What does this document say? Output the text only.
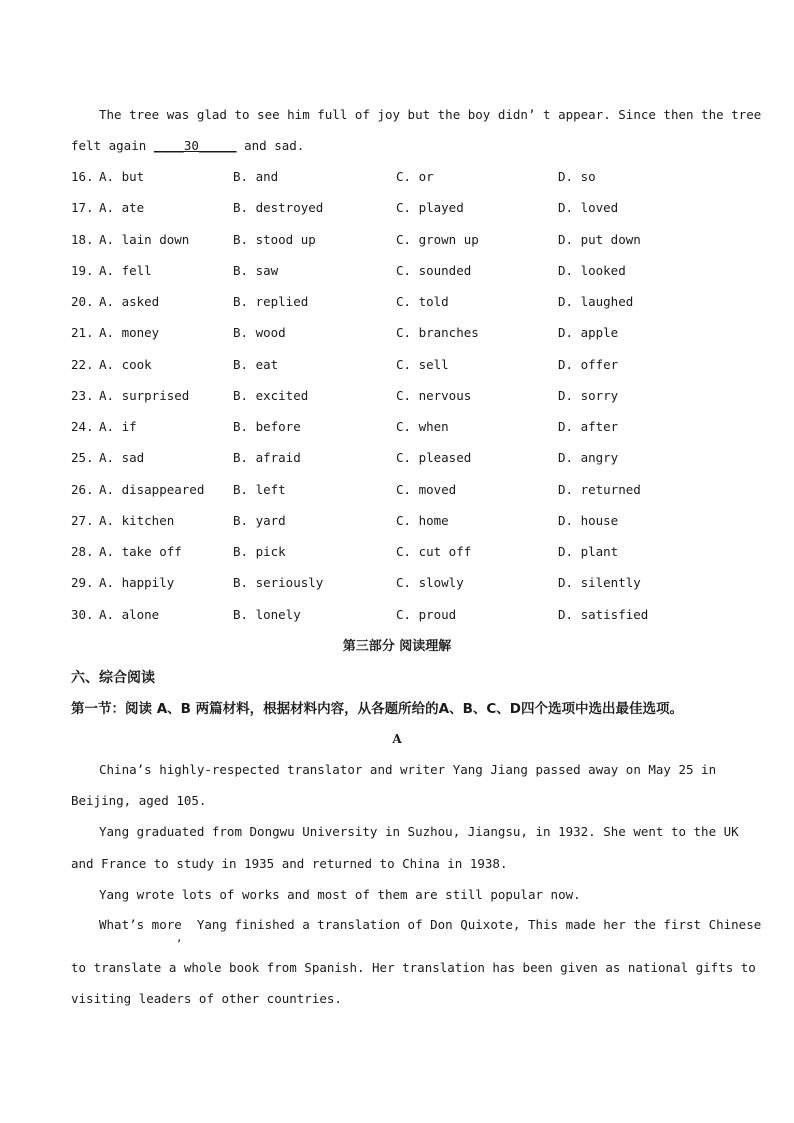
The tree was glad to see him full of joy but the boy didn’ t appear. Since then the tree
felt again ____30_____ and sad.
16. A. but	B. and	C. or	D. so
17. A. ate	B. destroyed	C. played	D. loved
18. A. lain down	B. stood up	C. grown up	D. put down
19. A. fell	B. saw	C. sounded	D. looked
20. A. asked	B. replied	C. told	D. laughed
21. A. money	B. wood	C. branches	D. apple
22. A. cook	B. eat	C. sell	D. offer
23. A. surprised	B. excited	C. nervous	D. sorry
24. A. if	B. before	C. when	D. after
25. A. sad	B. afraid	C. pleased	D. angry
26. A. disappeared B. left	C. moved	D. returned
27. A. kitchen	B. yard	C. home	D. house
28. A. take off	B. pick	C. cut off	D. plant
29. A. happily	B. seriously	C. slowly	D. silently
30. A. alone	B. lonely	C. proud	D. satisfied
第三部分 阅读理解
六、综合阅读
第一节：阅读 A、B 两篇材料，根据材料内容，从各题所给的A、B、C、D四个选项中选出最佳选项。
A
China’s highly-respected translator and writer Yang Jiang passed away on May 25 in
Beijing, aged 105.
Yang graduated from Dongwu University in Suzhou, Jiangsu, in 1932. She went to the UK
and France to study in 1935 and returned to China in 1938.
Yang wrote lots of works and most of them are still popular now.
What’s more  Yang finished a translation of Don Quixote, This made her the first Chinese
,
to translate a whole book from Spanish. Her translation has been given as national gifts to
visiting leaders of other countries.
